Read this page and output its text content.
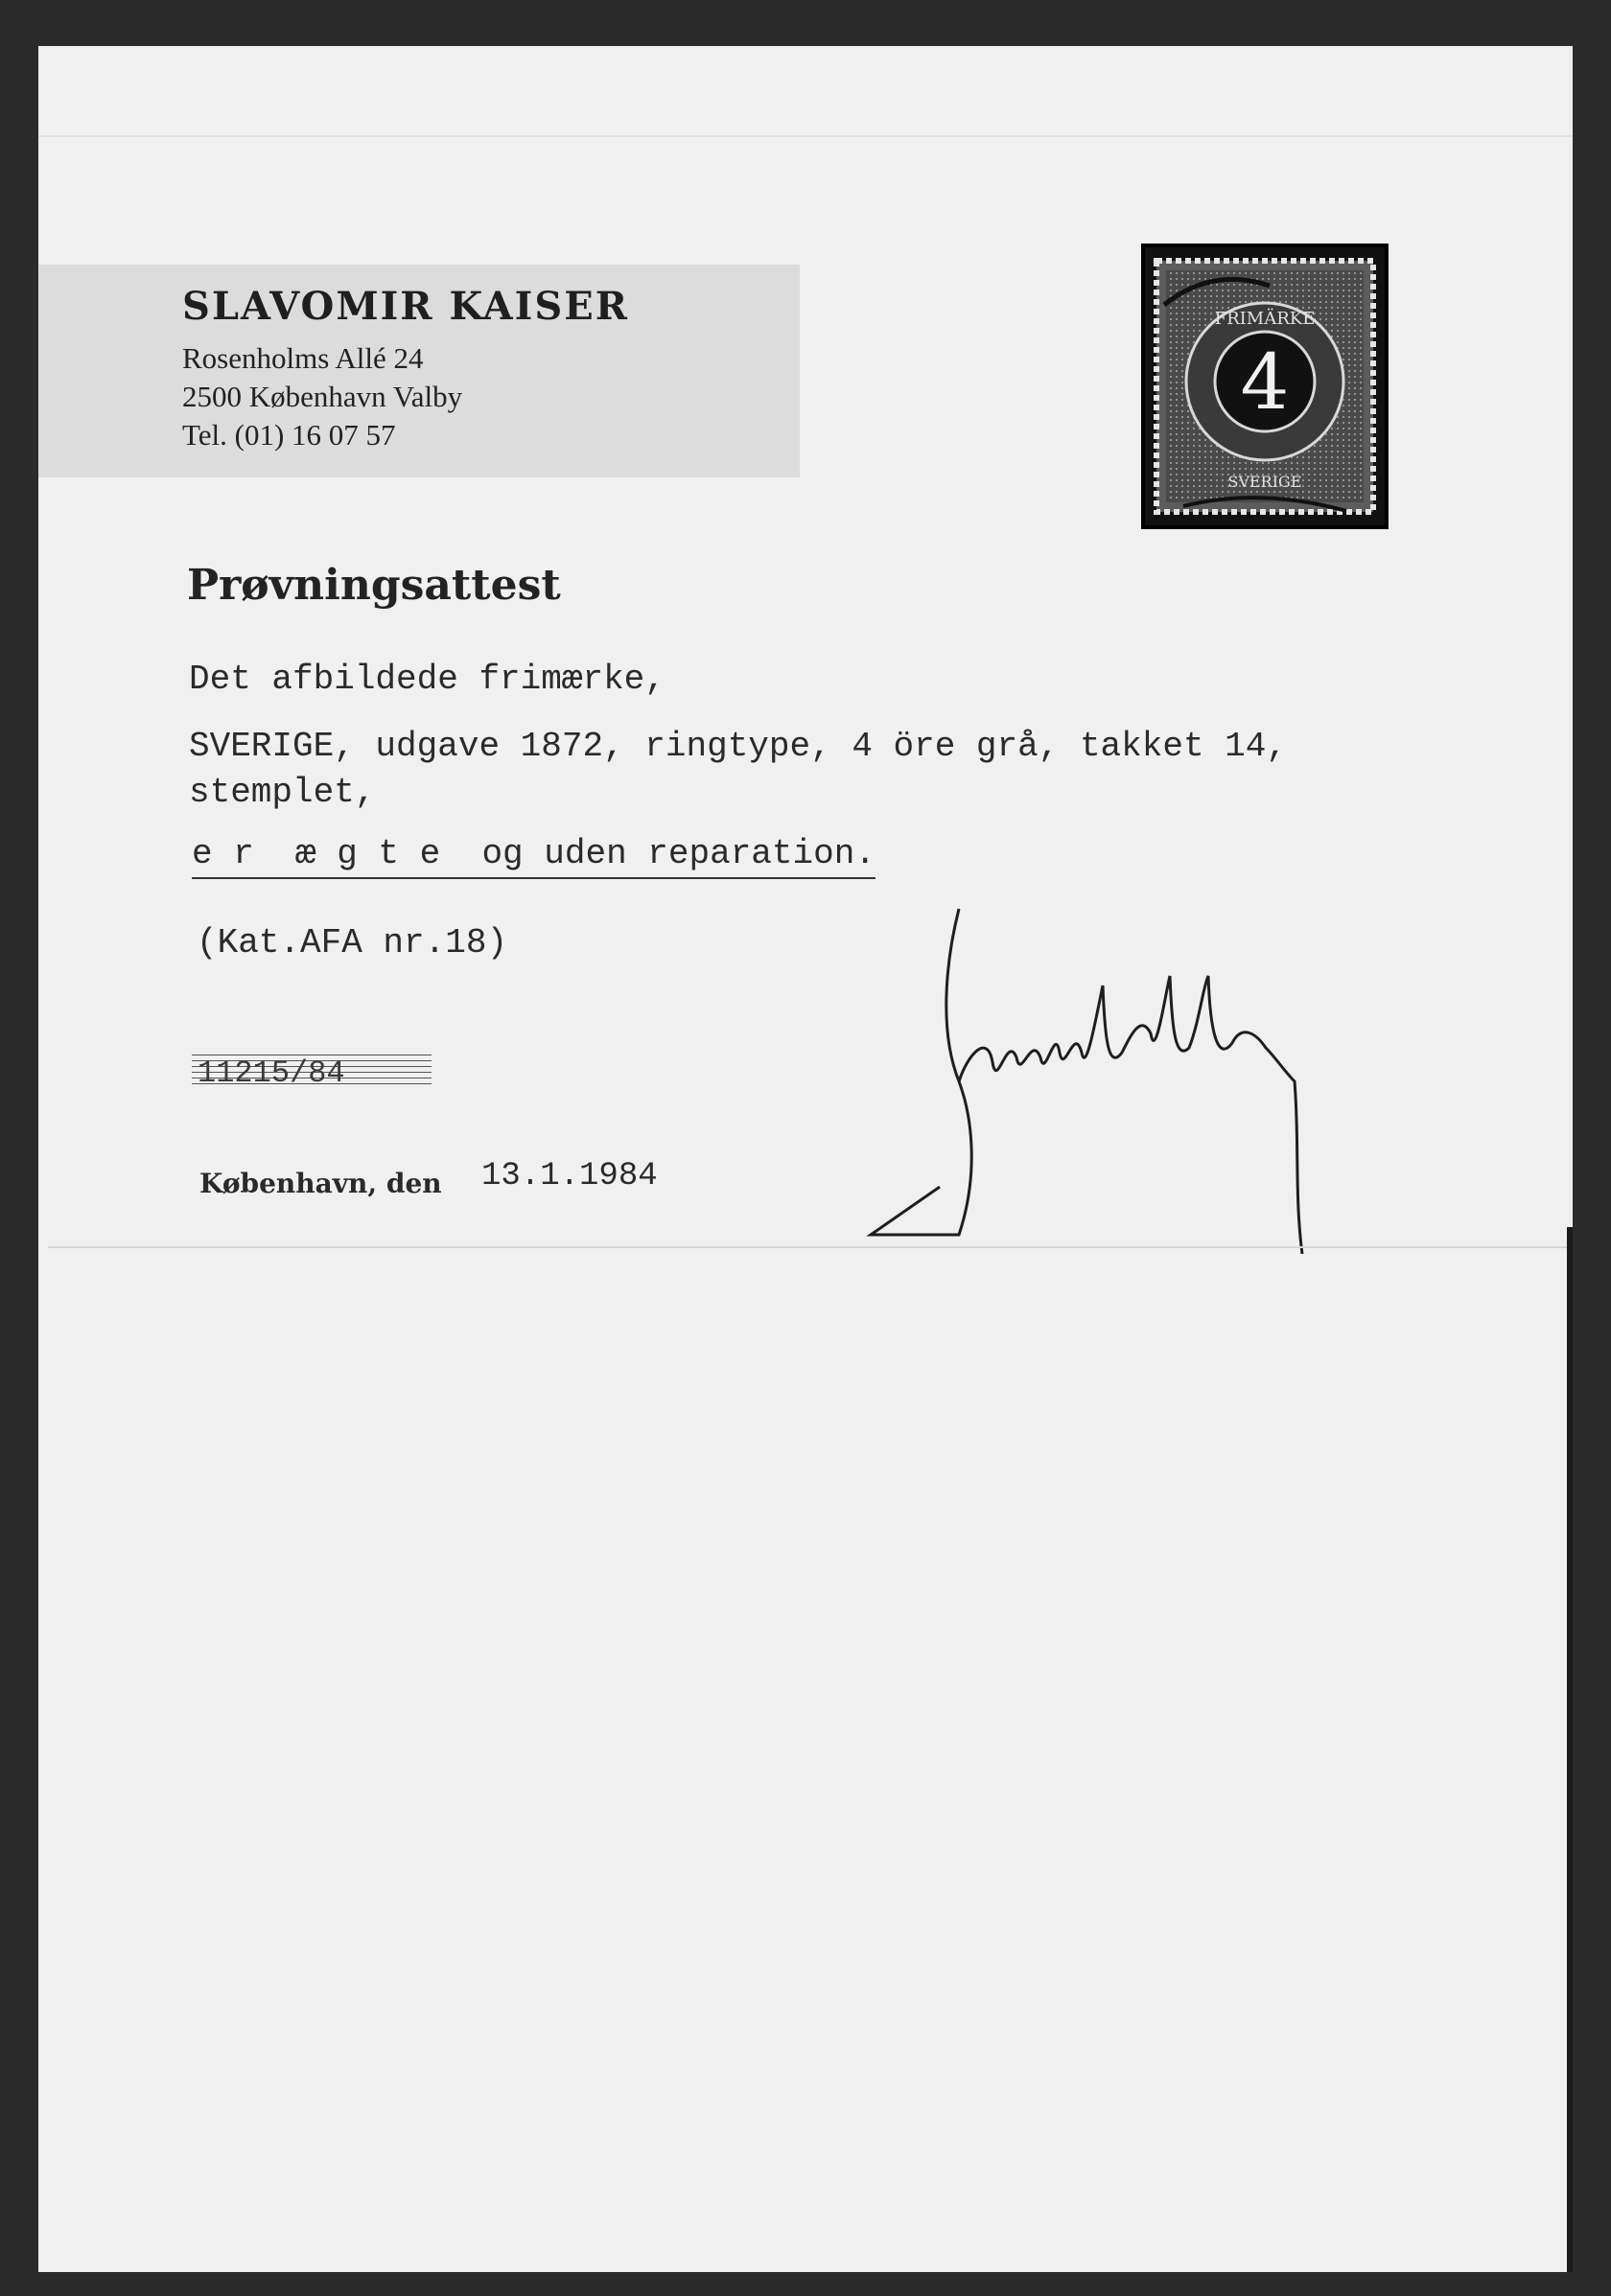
SLAVOMIR KAISER
Rosenholms Allé 24
2500 København Valby
Tel. (01) 16 07 57
4
FRIMÄRKE
SVERIGE
Prøvningsattest
Det afbildede frimærke,
SVERIGE, udgave 1872, ringtype, 4 öre grå, takket 14,
stemplet,
e r  æ g t e  og uden reparation.
(Kat.AFA nr.18)
11215/84
København, den 13.1.1984
